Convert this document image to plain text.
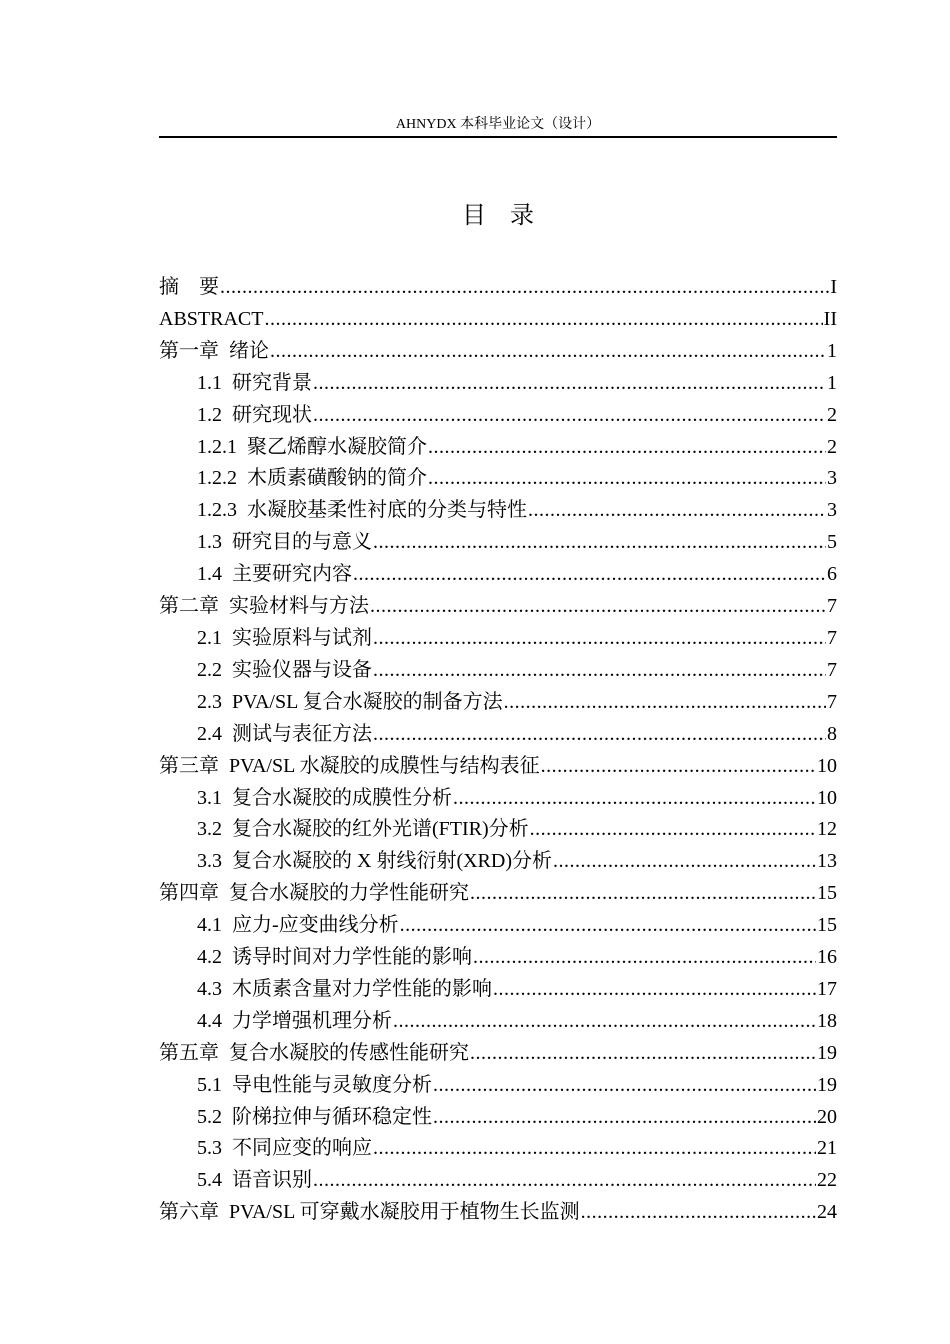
AHNYDX 本科毕业论文（设计）
目    录
摘    要 .....	I
ABSTRACT .....	II
第一章  绪论 .....	1
1.1  研究背景 .....	1
1.2  研究现状 .....	2
1.2.1  聚乙烯醇水凝胶简介 .....	2
1.2.2  木质素磺酸钠的简介 .....	3
1.2.3  水凝胶基柔性衬底的分类与特性 .....	3
1.3  研究目的与意义 .....	5
1.4  主要研究内容 .....	6
第二章  实验材料与方法 .....	7
2.1  实验原料与试剂 .....	7
2.2  实验仪器与设备 .....	7
2.3  PVA/SL 复合水凝胶的制备方法 .....	7
2.4  测试与表征方法 .....	8
第三章  PVA/SL 水凝胶的成膜性与结构表征 .....	10
3.1  复合水凝胶的成膜性分析 .....	10
3.2  复合水凝胶的红外光谱(FTIR)分析 .....	12
3.3  复合水凝胶的 X 射线衍射(XRD)分析 .....	13
第四章  复合水凝胶的力学性能研究 .....	15
4.1  应力-应变曲线分析 .....	15
4.2  诱导时间对力学性能的影响 .....	16
4.3  木质素含量对力学性能的影响 .....	17
4.4  力学增强机理分析 .....	18
第五章  复合水凝胶的传感性能研究 .....	19
5.1  导电性能与灵敏度分析 .....	19
5.2  阶梯拉伸与循环稳定性 .....	20
5.3  不同应变的响应 .....	21
5.4  语音识别 .....	22
第六章  PVA/SL 可穿戴水凝胶用于植物生长监测 .....	24
